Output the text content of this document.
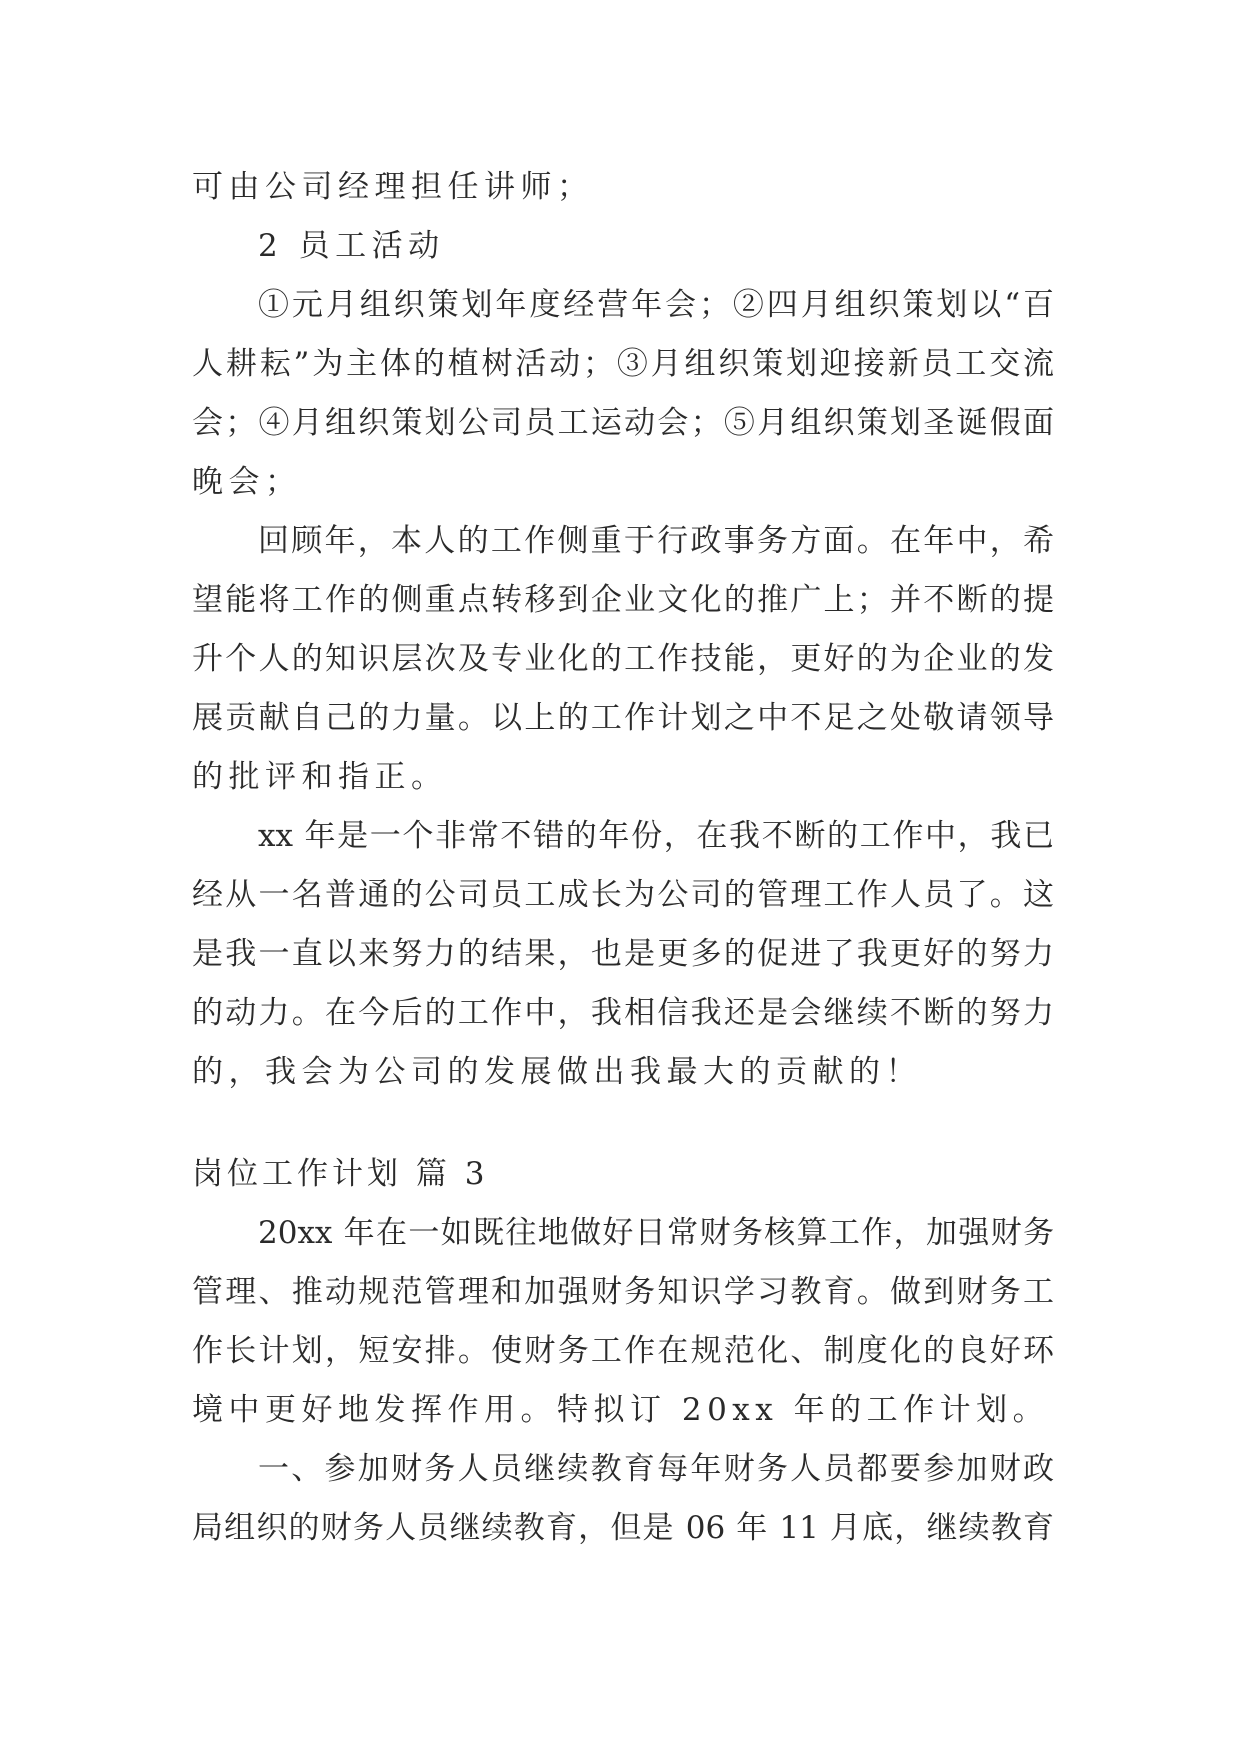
可由公司经理担任讲师；
2 员工活动
①元月组织策划年度经营年会；②四月组织策划以“百
人耕耘”为主体的植树活动；③月组织策划迎接新员工交流
会；④月组织策划公司员工运动会；⑤月组织策划圣诞假面
晚会；
回顾年，本人的工作侧重于行政事务方面。在年中，希
望能将工作的侧重点转移到企业文化的推广上；并不断的提
升个人的知识层次及专业化的工作技能，更好的为企业的发
展贡献自己的力量。以上的工作计划之中不足之处敬请领导
的批评和指正。
xx 年是一个非常不错的年份，在我不断的工作中，我已
经从一名普通的公司员工成长为公司的管理工作人员了。这
是我一直以来努力的结果，也是更多的促进了我更好的努力
的动力。在今后的工作中，我相信我还是会继续不断的努力
的，我会为公司的发展做出我最大的贡献的！
岗位工作计划 篇 3
20xx 年在一如既往地做好日常财务核算工作，加强财务
管理、推动规范管理和加强财务知识学习教育。做到财务工
作长计划，短安排。使财务工作在规范化、制度化的良好环
境中更好地发挥作用。特拟订 20xx 年的工作计划。
一、参加财务人员继续教育每年财务人员都要参加财政
局组织的财务人员继续教育，但是 06 年 11 月底，继续教育
